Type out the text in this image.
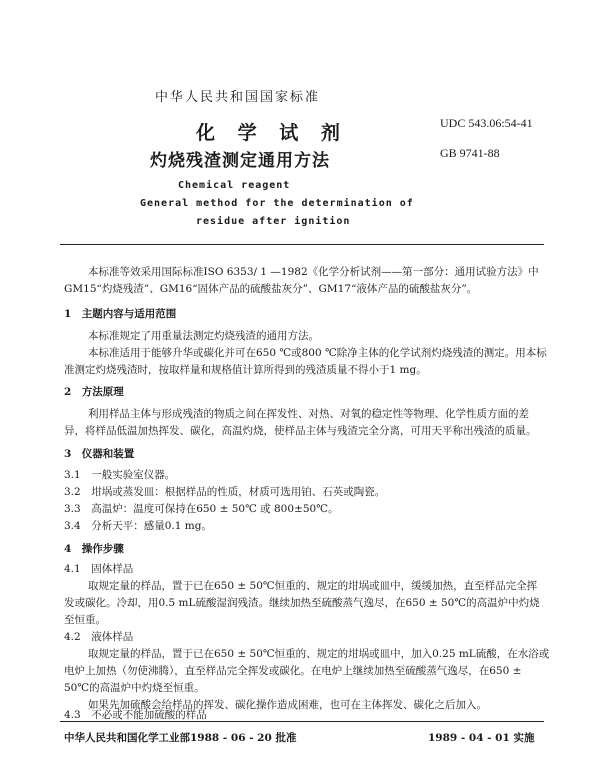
中华人民共和国国家标准
UDC 543.06:54-41
GB 9741-88
化 学 试 剂
灼烧残渣测定通用方法
Chemical reagent
General method for the determination of
residue after ignition
本标准等效采用国际标准ISO 6353/ 1 —1982《化学分析试剂——第一部分：通用试验方法》中
GM15“灼烧残渣”、GM16“固体产品的硫酸盐灰分”、GM17“液体产品的硫酸盐灰分”。
1　主题内容与适用范围
本标准规定了用重量法测定灼烧残渣的通用方法。
本标准适用于能够升华或碳化并可在650 ℃或800 ℃除净主体的化学试剂灼烧残渣的测定。用本标
准测定灼烧残渣时，按取样量和规格值计算所得到的残渣质量不得小于1 mg。
2　方法原理
利用样品主体与形成残渣的物质之间在挥发性、对热、对氧的稳定性等物理、化学性质方面的差
异，将样品低温加热挥发、碳化，高温灼烧，使样品主体与残渣完全分离，可用天平称出残渣的质量。
3　仪器和装置
3.1　一般实验室仪器。
3.2　坩埚或蒸发皿：根据样品的性质，材质可选用铂、石英或陶瓷。
3.3　高温炉：温度可保持在650 ± 50℃ 或 800±50℃。
3.4　分析天平：感量0.1 mg。
4　操作步骤
4.1　固体样品
取规定量的样品，置于已在650 ± 50℃恒重的、规定的坩埚或皿中，缓缓加热，直至样品完全挥
发或碳化。冷却，用0.5 mL硫酸湿润残渣。继续加热至硫酸蒸气逸尽，在650 ± 50℃的高温炉中灼烧
至恒重。
4.2　液体样品
取规定量的样品，置于已在650 ± 50℃恒重的、规定的坩埚或皿中，加入0.25 mL硫酸，在水浴或
电炉上加热（勿使沸腾），直至样品完全挥发或碳化。在电炉上继续加热至硫酸蒸气逸尽，在650 ±
50℃的高温炉中灼烧至恒重。
如果先加硫酸会给样品的挥发、碳化操作造成困难，也可在主体挥发、碳化之后加入。
4.3　不必或不能加硫酸的样品
中华人民共和国化学工业部1988 - 06 - 20 批准	1989 - 04 - 01 实施
